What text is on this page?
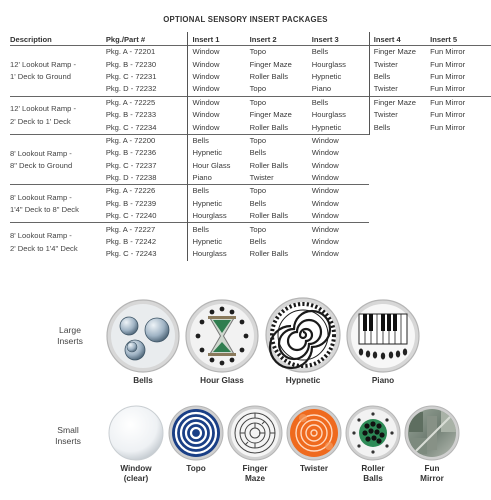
OPTIONAL SENSORY INSERT PACKAGES
Description	Pkg./Part #	Insert 1	Insert 2	Insert 3	Insert 4	Insert 5
12' Lookout Ramp -
1' Deck to Ground	Pkg. A - 72201	Window	Topo	Bells	Finger Maze	Fun Mirror
	Pkg. B - 72230	Window	Finger Maze	Hourglass	Twister	Fun Mirror
	Pkg. C - 72231	Window	Roller Balls	Hypnetic	Bells	Fun Mirror
	Pkg. D - 72232	Window	Topo	Piano	Twister	Fun Mirror
12' Lookout Ramp -
2' Deck to 1' Deck	Pkg. A - 72225	Window	Topo	Bells	Finger Maze	Fun Mirror
	Pkg. B - 72233	Window	Finger Maze	Hourglass	Twister	Fun Mirror
	Pkg. C - 72234	Window	Roller Balls	Hypnetic	Bells	Fun Mirror
8' Lookout Ramp -
8" Deck to Ground	Pkg. A - 72200	Bells	Topo	Window		
	Pkg. B - 72236	Hypnetic	Bells	Window		
	Pkg. C - 72237	Hour Glass	Roller Balls	Window		
	Pkg. D - 72238	Piano	Twister	Window		
8' Lookout Ramp -
1'4" Deck to 8" Deck	Pkg. A - 72226	Bells	Topo	Window		
	Pkg. B - 72239	Hypnetic	Bells	Window		
	Pkg. C - 72240	Hourglass	Roller Balls	Window		
8' Lookout Ramp -
2' Deck to 1'4" Deck	Pkg. A - 72227	Bells	Topo	Window		
	Pkg. B - 72242	Hypnetic	Bells	Window		
	Pkg. C - 72243	Hourglass	Roller Balls	Window		
Large
Inserts
Bells	Hour Glass	Hypnetic	Piano
Small
Inserts
Window
(clear)
Topo	Finger
Maze
Twister	Roller
Balls
Fun
Mirror
